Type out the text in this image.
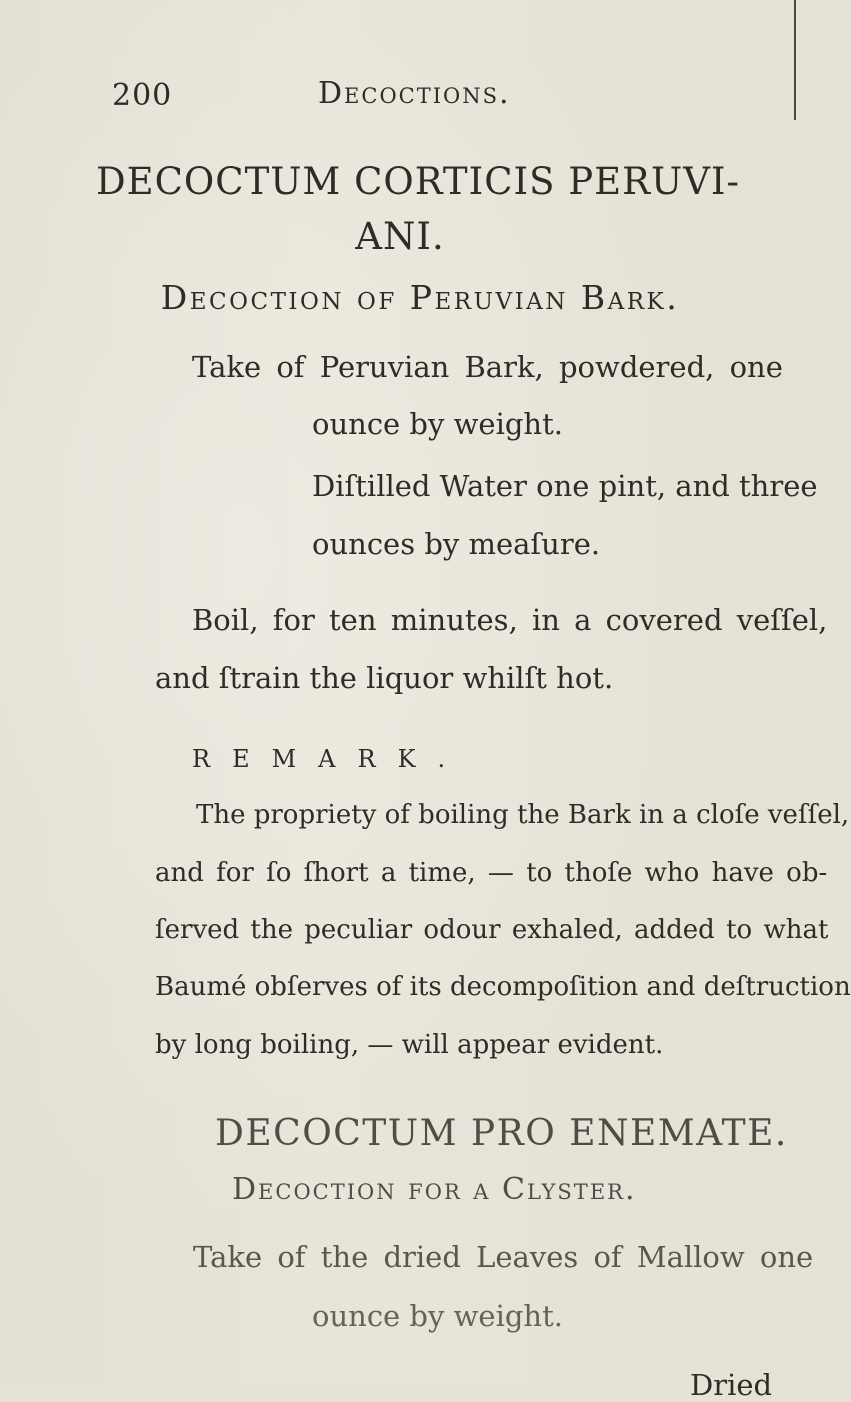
200	Decoctions.
DECOCTUM CORTICIS PERUVI-
ANI.
Decoction of Peruvian Bark.

Take of Peruvian Bark, powdered, one

ounce by weight.

Diſtilled Water one pint, and three

ounces by meaſure.

Boil, for ten minutes, in a covered veſſel,

and ſtrain the liquor whilſt hot.

REMARK.

The propriety of boiling the Bark in a cloſe veſſel,

and for ſo ſhort a time, — to thoſe who have ob-

ſerved the peculiar odour exhaled, added to what

Baumé obſerves of its decompoſition and deſtruction

by long boiling, — will appear evident.

DECOCTUM PRO ENEMATE.
Decoction for a Clyster.

Take of the dried Leaves of Mallow one

ounce by weight.

Dried
